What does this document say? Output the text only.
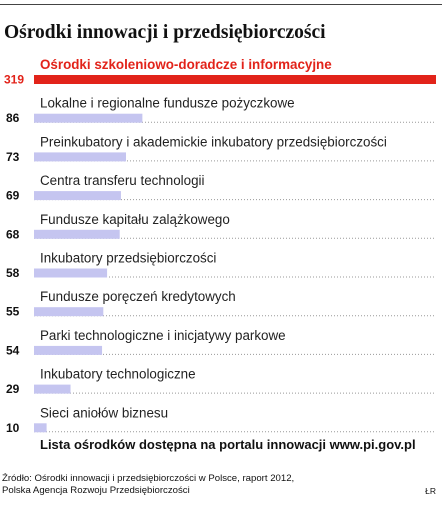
Ośrodki innowacji i przedsiębiorczości
Ośrodki szkoleniowo-doradcze i informacyjne
319
Lokalne i regionalne fundusze pożyczkowe
86
Preinkubatory i akademickie inkubatory przedsiębiorczości
73
Centra transferu technologii
69
Fundusze kapitału zalążkowego
68
Inkubatory przedsiębiorczości
58
Fundusze poręczeń kredytowych
55
Parki technologiczne i inicjatywy parkowe
54
Inkubatory technologiczne
29
Sieci aniołów biznesu
10
Lista ośrodków dostępna na portalu innowacji www.pi.gov.pl
Źródło: Ośrodki innowacji i przedsiębiorczości w Polsce, raport 2012,
Polska Agencja Rozwoju Przedsiębiorczości	ŁR
